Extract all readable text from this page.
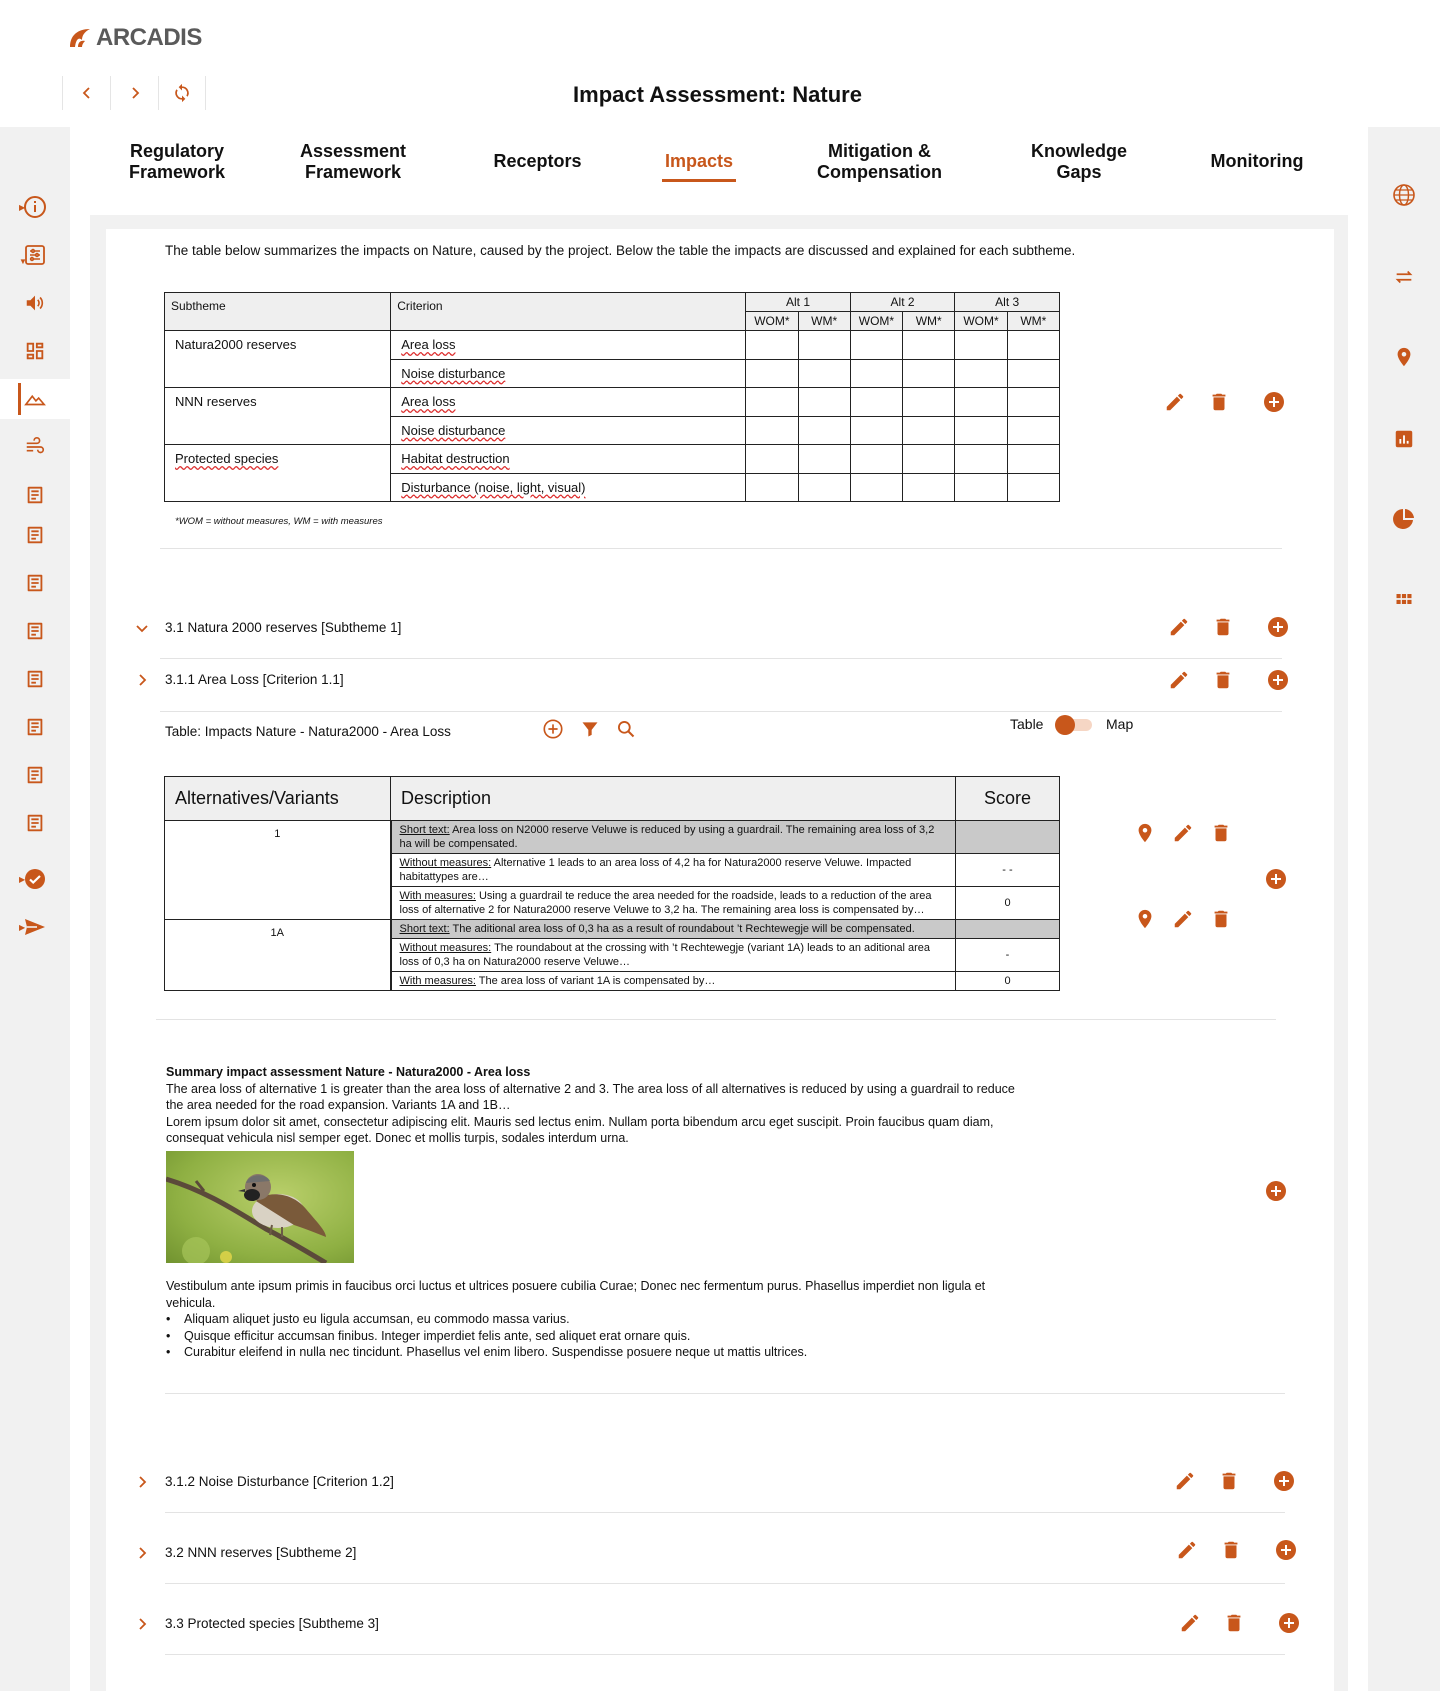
ARCADIS
Impact Assessment: Nature
▶
▼
▶
▶
Regulatory
Framework
Assessment
Framework
Receptors	Impacts	Mitigation &
Compensation
Knowledge
Gaps
Monitoring
The table below summarizes the impacts on Nature, caused by the project. Below the table the impacts are discussed and explained for each subtheme.
Subtheme	Criterion	Alt 1		Alt 2		Alt 3	
		WOM*	WM*	WOM*	WM*	WOM*	WM*
Natura2000 reserves	Area loss						
	Noise disturbance						
NNN reserves	Area loss						
	Noise disturbance						
Protected species	Habitat destruction						
	Disturbance (noise, light, visual)						
*WOM = without measures, WM = with measures
3.1 Natura 2000 reserves [Subtheme 1]
3.1.1 Area Loss [Criterion 1.1]
Table: Impacts Nature - Natura2000 - Area Loss	Table	Map
Alternatives/Variants	Description	Score
1	Short text: Area loss on N2000 reserve Veluwe is reduced by using a guardrail. The remaining area loss of 3,2 ha will be compensated.	
	Without measures: Alternative 1 leads to an area loss of 4,2 ha for Natura2000 reserve Veluwe. Impacted habitattypes are…	- -
	With measures: Using a guardrail te reduce the area needed for the roadside, leads to a reduction of the area loss of alternative 2 for Natura2000 reserve Veluwe to 3,2 ha. The remaining area loss is compensated by…	0
1A	Short text: The aditional area loss of 0,3 ha as a result of roundabout ’t Rechtewegje will be compensated.	
	Without measures: The roundabout at the crossing with ’t Rechtewegje (variant 1A) leads to an aditional area loss of 0,3 ha on Natura2000 reserve Veluwe…	-
	With measures: The area loss of variant 1A is compensated by…	0
Summary impact assessment Nature - Natura2000 - Area loss
The area loss of alternative 1 is greater than the area loss of alternative 2 and 3. The area loss of all alternatives is reduced by using a guardrail to reduce the area needed for the road expansion. Variants 1A and 1B…
Lorem ipsum dolor sit amet, consectetur adipiscing elit. Mauris sed lectus enim. Nullam porta bibendum arcu eget suscipit. Proin faucibus quam diam, consequat vehicula nisl semper eget. Donec et mollis turpis, sodales interdum urna.
Vestibulum ante ipsum primis in faucibus orci luctus et ultrices posuere cubilia Curae; Donec nec fermentum purus. Phasellus imperdiet non ligula et vehicula.
• Aliquam aliquet justo eu ligula accumsan, eu commodo massa varius.
• Quisque efficitur accumsan finibus. Integer imperdiet felis ante, sed aliquet erat ornare quis.
• Curabitur eleifend in nulla nec tincidunt. Phasellus vel enim libero. Suspendisse posuere neque ut mattis ultrices.
3.1.2 Noise Disturbance [Criterion 1.2]
3.2 NNN reserves [Subtheme 2]
3.3 Protected species [Subtheme 3]
